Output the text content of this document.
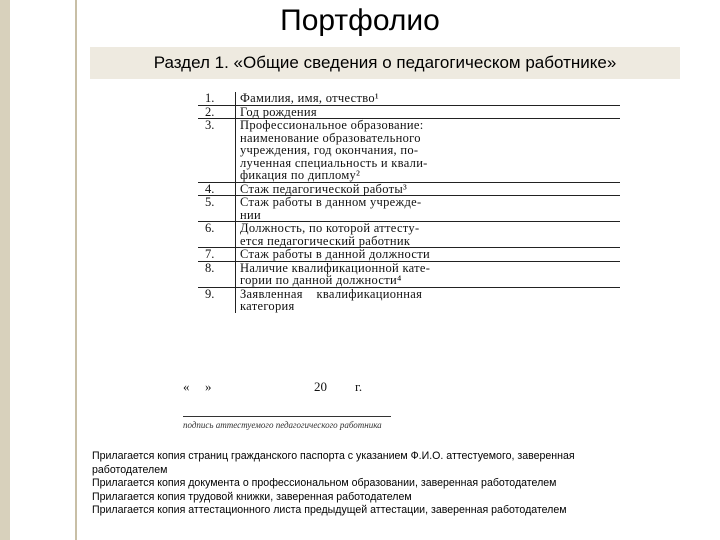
Портфолио
Раздел 1. «Общие сведения о педагогическом работнике»
1.	Фамилия, имя, отчество¹
2.	Год рождения
3.	Профессиональное образование:
наименование образовательного
учреждения, год окончания, по-
лученная специальность и квали-
фикация по диплому²
4.	Стаж педагогической работы³
5.	Стаж работы в данном учрежде-
нии
6.	Должность, по которой аттесту-
ется педагогический работник
7.	Стаж работы в данной должности
8.	Наличие квалификационной кате-
гории по данной должности⁴
9.	Заявленная    квалификационная
категория
« »	20 г.
подпись аттестуемого педагогического работника
Прилагается копия страниц гражданского паспорта с указанием Ф.И.О. аттестуемого, заверенная
работодателем
Прилагается копия документа о профессиональном образовании, заверенная работодателем
Прилагается копия трудовой книжки, заверенная работодателем
Прилагается копия аттестационного листа предыдущей аттестации, заверенная работодателем
